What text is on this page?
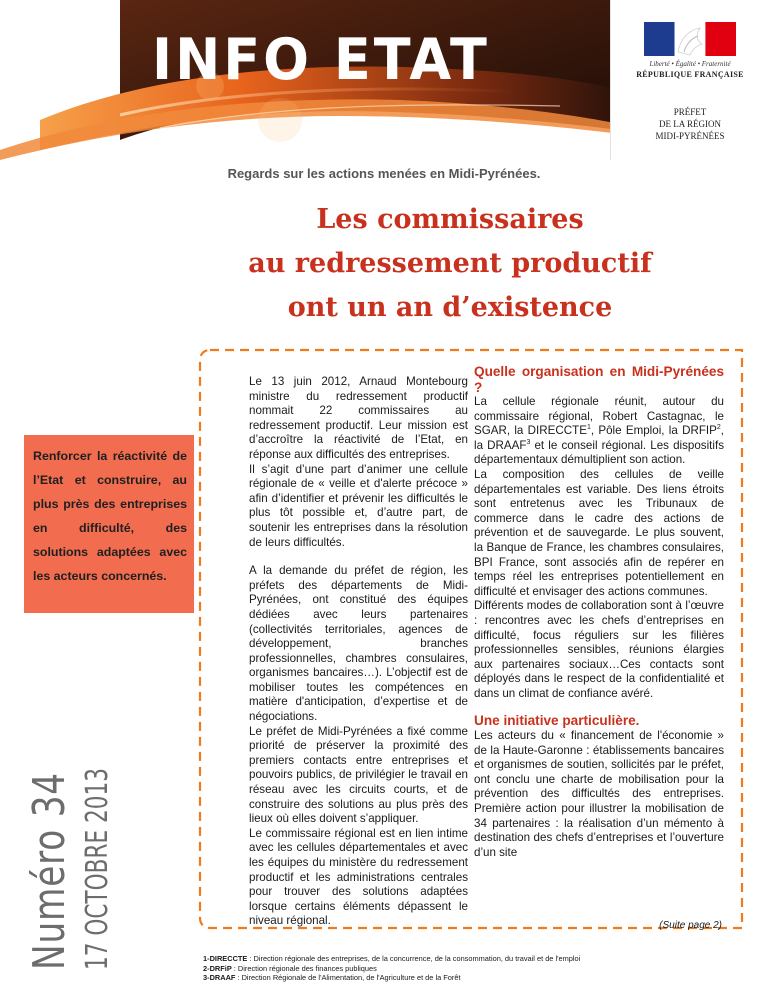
INFO ETAT	Liberté • Égalité • Fraternité
RÉPUBLIQUE FRANÇAISE
PRÉFET
DE LA RÉGION
MIDI-PYRÉNÉES
Regards sur les actions menées en Midi-Pyrénées.
Les commissaires
au redressement productif
ont un an d’existence

Renforcer la réactivité de l’Etat et construire, au plus près des entreprises en difficulté, des solutions adaptées avec les acteurs concernés.

Numéro 34 17 OCTOBRE 2013

Le 13 juin 2012, Arnaud Montebourg ministre du redressement productif nommait 22 commissaires au redressement productif. Leur mission est d’accroître la réactivité de l’Etat, en réponse aux difficultés des entreprises.

Il s’agit d’une part d’animer une cellule régionale de « veille et d'alerte précoce » afin d’identifier et prévenir les difficultés le plus tôt possible et, d’autre part, de soutenir les entreprises dans la résolution de leurs difficultés.

A la demande du préfet de région, les préfets des départements de Midi-Pyrénées, ont constitué des équipes dédiées avec leurs partenaires (collectivités territoriales, agences de développement, branches professionnelles, chambres consulaires, organismes bancaires…). L’objectif est de mobiliser toutes les compétences en matière d'anticipation, d’expertise et de négociations.

Le préfet de Midi-Pyrénées a fixé comme priorité de préserver la proximité des premiers contacts entre entreprises et pouvoirs publics, de privilégier le travail en réseau avec les circuits courts, et de construire des solutions au plus près des lieux où elles doivent s’appliquer.

Le commissaire régional est en lien intime avec les cellules départementales et avec les équipes du ministère du redressement productif et les administrations centrales pour trouver des solutions adaptées lorsque certains éléments dépassent le niveau régional.

Quelle organisation en Midi-Pyrénées ?

La cellule régionale réunit, autour du commissaire régional, Robert Castagnac, le SGAR, la DIRECCTE$^1$, Pôle Emploi, la DRFIP$^2$, la DRAAF$^3$ et le conseil régional. Les dispositifs départementaux démultiplient son action.

La composition des cellules de veille départementales est variable. Des liens étroits sont entretenus avec les Tribunaux de commerce dans le cadre des actions de prévention et de sauvegarde. Le plus souvent, la Banque de France, les chambres consulaires, BPI France, sont associés afin de repérer en temps réel les entreprises potentiellement en difficulté et envisager des actions communes.

Différents modes de collaboration sont à l’œuvre : rencontres avec les chefs d’entreprises en difficulté, focus réguliers sur les filières professionnelles sensibles, réunions élargies aux partenaires sociaux…Ces contacts sont déployés dans le respect de la confidentialité et dans un climat de confiance avéré.

Une initiative particulière.

Les acteurs du « financement de l'économie » de la Haute-Garonne : établissements bancaires et organismes de soutien, sollicités par le préfet, ont conclu une charte de mobilisation pour la prévention des difficultés des entreprises. Première action pour illustrer la mobilisation de 34 partenaires : la réalisation d’un mémento à destination des chefs d’entreprises et l’ouverture d’un site

(Suite page 2)
1-DIRECCTE : Direction régionale des entreprises, de la concurrence, de la consommation, du travail et de l'emploi
2-DRFiP : Direction régionale des finances publiques
3-DRAAF : Direction Régionale de l'Alimentation, de l'Agriculture et de la Forêt
